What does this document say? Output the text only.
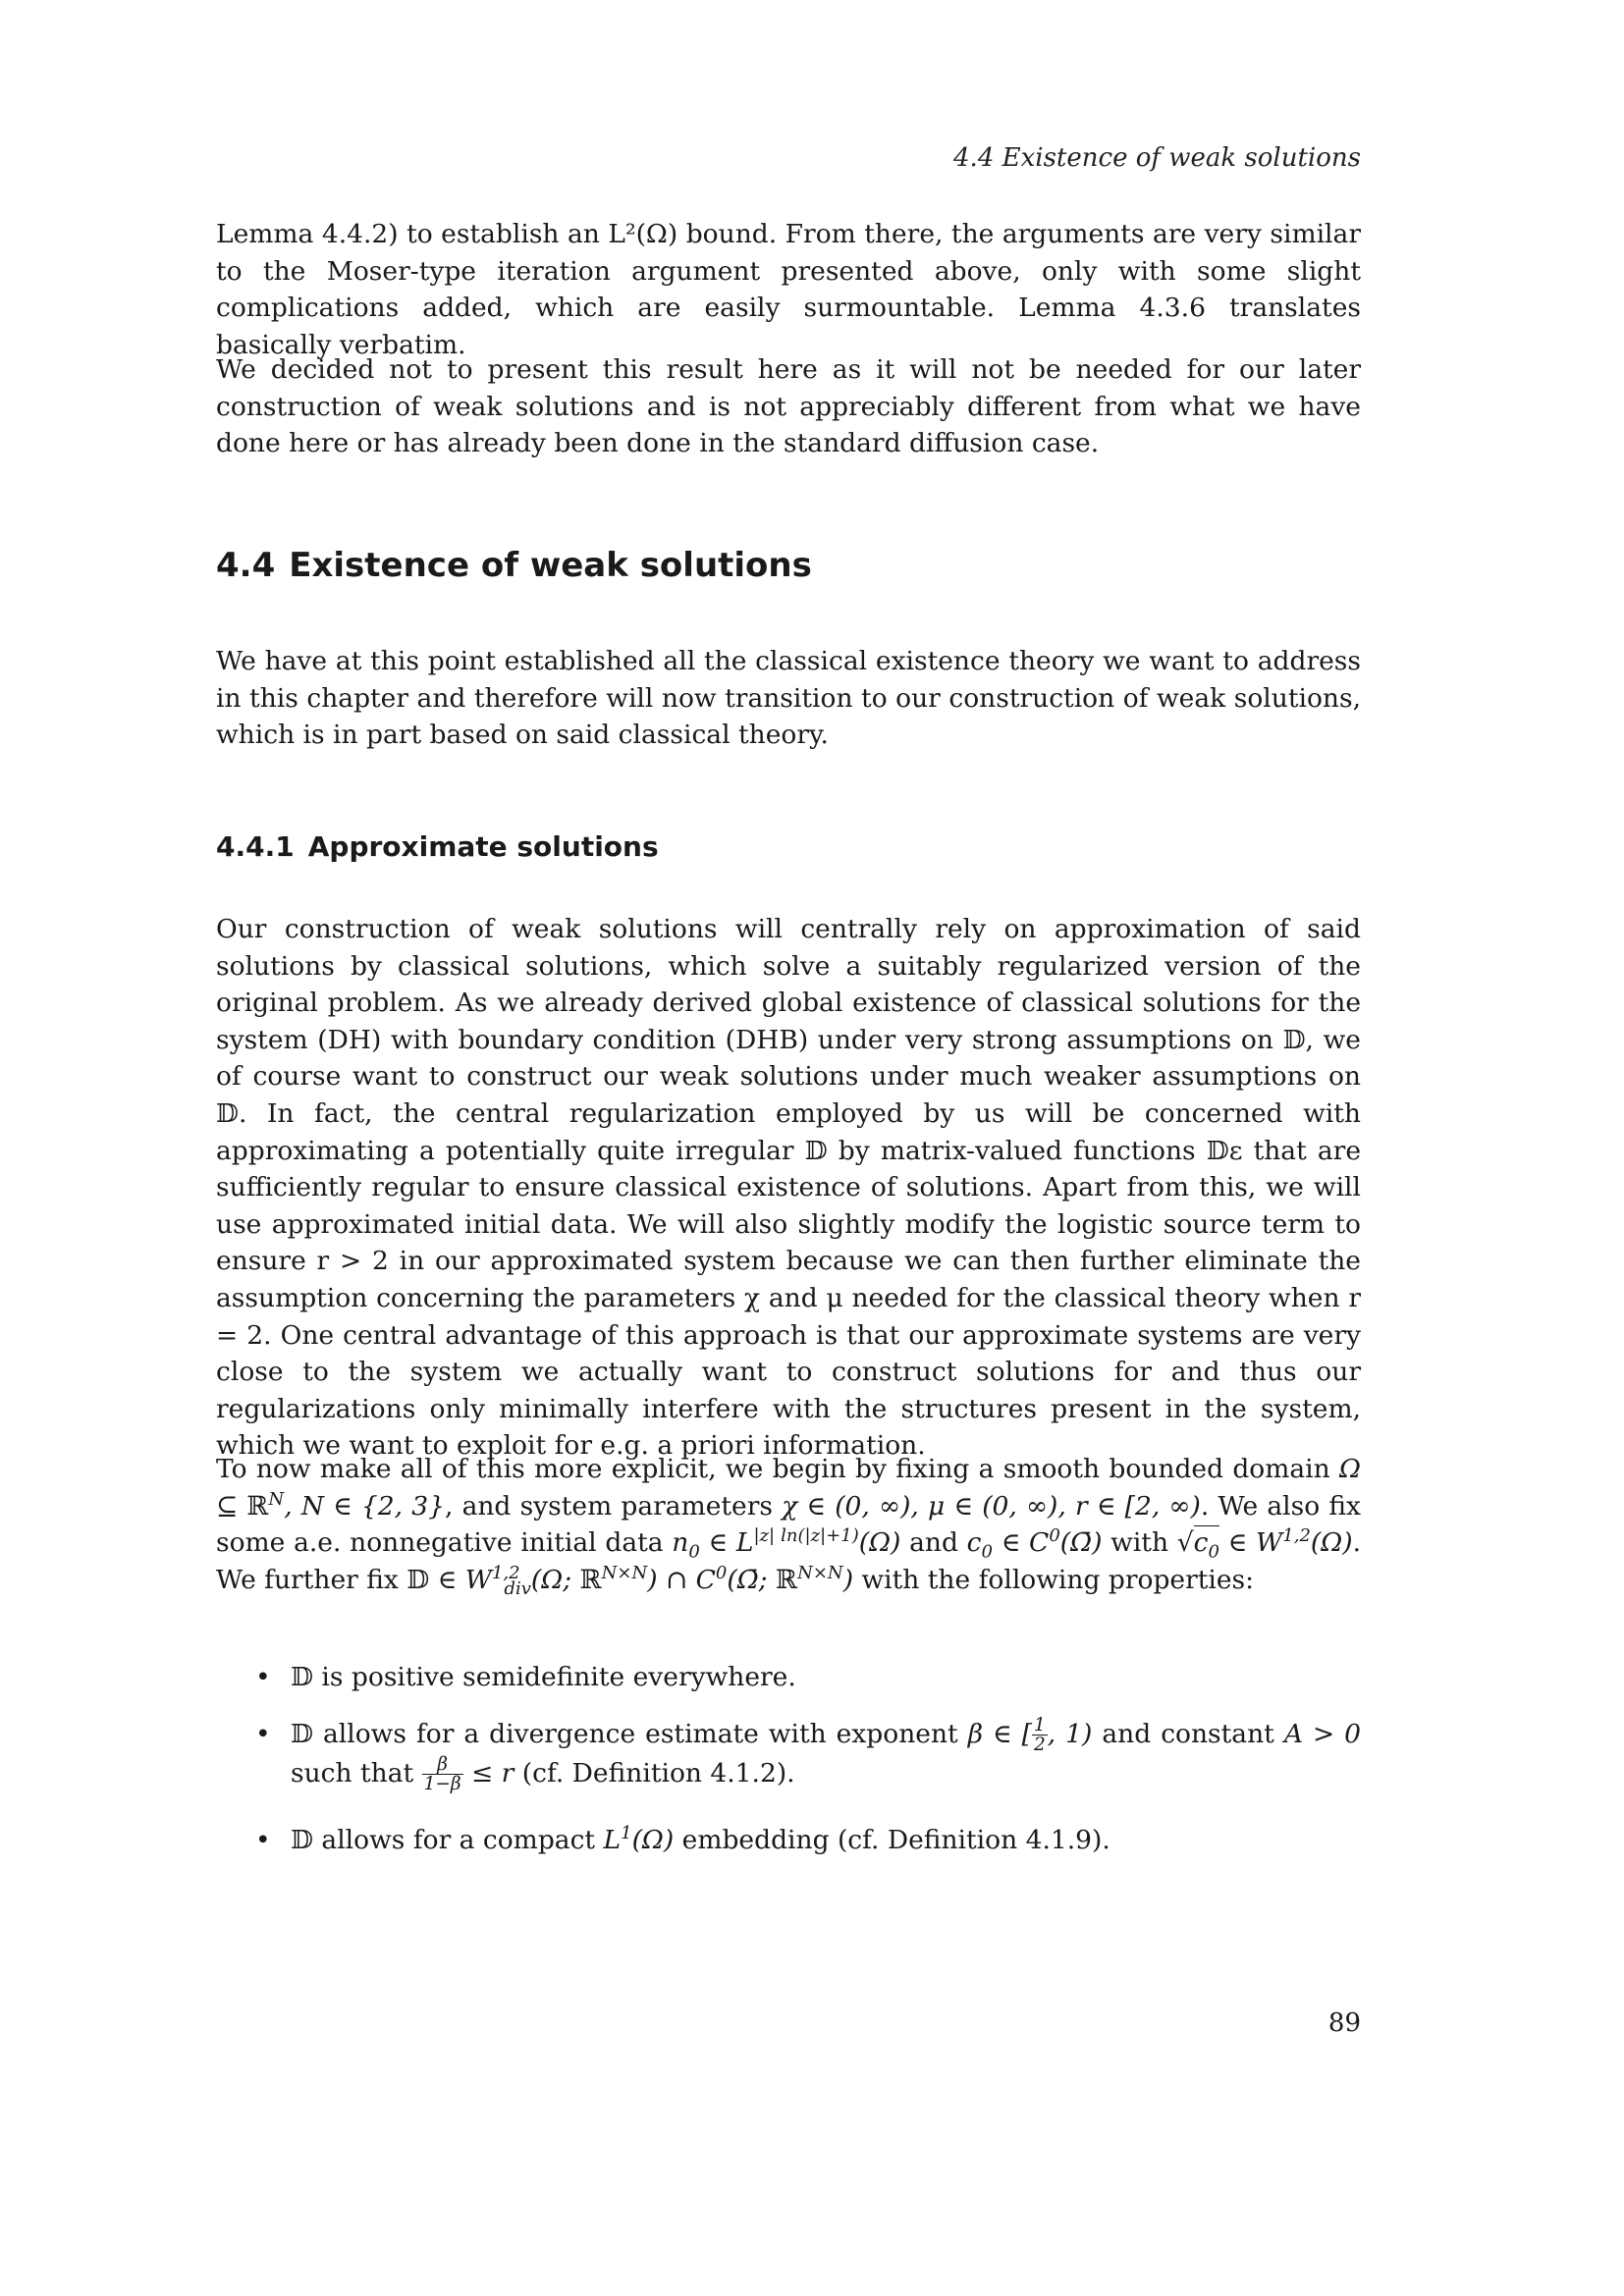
4.4 Existence of weak solutions

Lemma 4.4.2) to establish an L²(Ω) bound. From there, the arguments are very similar to the Moser-type iteration argument presented above, only with some slight complications added, which are easily surmountable. Lemma 4.3.6 translates basically verbatim.

We decided not to present this result here as it will not be needed for our later construction of weak solutions and is not appreciably different from what we have done here or has already been done in the standard diffusion case.

4.4 Existence of weak solutions

We have at this point established all the classical existence theory we want to address in this chapter and therefore will now transition to our construction of weak solutions, which is in part based on said classical theory.

4.4.1 Approximate solutions

Our construction of weak solutions will centrally rely on approximation of said solutions by classical solutions, which solve a suitably regularized version of the original problem. As we already derived global existence of classical solutions for the system (DH) with boundary condition (DHB) under very strong assumptions on 𝔻, we of course want to construct our weak solutions under much weaker assumptions on 𝔻. In fact, the central regularization employed by us will be concerned with approximating a potentially quite irregular 𝔻 by matrix-valued functions 𝔻ε that are sufficiently regular to ensure classical existence of solutions. Apart from this, we will use approximated initial data. We will also slightly modify the logistic source term to ensure r > 2 in our approximated system because we can then further eliminate the assumption concerning the parameters χ and μ needed for the classical theory when r = 2. One central advantage of this approach is that our approximate systems are very close to the system we actually want to construct solutions for and thus our regularizations only minimally interfere with the structures present in the system, which we want to exploit for e.g. a priori information.

To now make all of this more explicit, we begin by fixing a smooth bounded domain Ω ⊆ ℝ$^N$, N ∈ {2, 3}, and system parameters χ ∈ (0, ∞), μ ∈ (0, ∞), r ∈ [2, ∞). We also fix some a.e. nonnegative initial data $n_0$ ∈ $L^{|z| ln(|z|+1)}(\Omega)$ and $c_0$ ∈ $C^0(\Omegā)$ with $√c_0$ ∈ W$^{1,2}$(Ω). We further fix 𝔻 ∈ W$^{1,2}_{div}$(Ω; ℝ$^{N\times N}$) ∩ $C^0(\Omegā$; ℝ$^{N\times N}$) with the following properties:

• 𝔻 is positive semidefinite everywhere.
• 𝔻 allows for a divergence estimate with exponent β ∈ [ $\frac{1}{2}$ , 1) and constant A > 0 such that $\frac{\beta}{1-\beta} \le r$ (cf. Definition 4.1.2).
• 𝔻 allows for a compact $L^1(\Omega)$ embedding (cf. Definition 4.1.9).
89
